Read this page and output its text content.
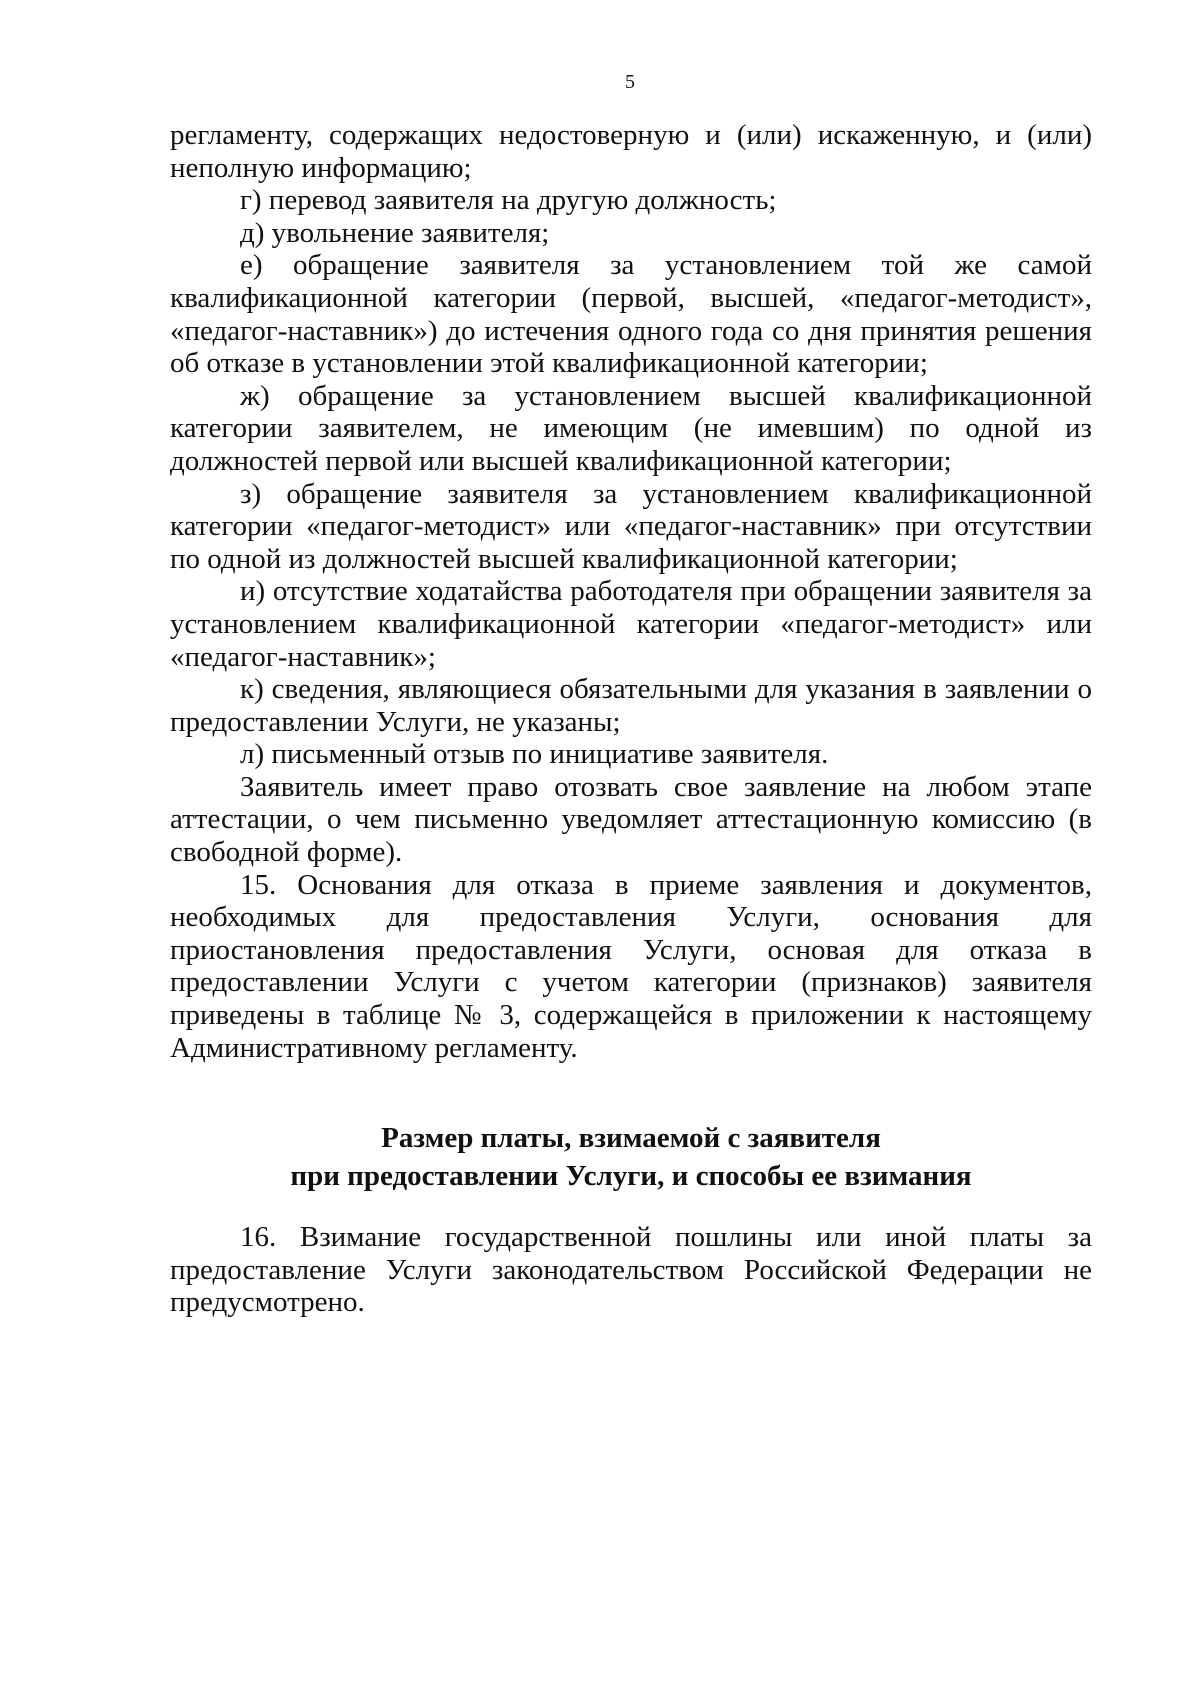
5

регламенту, содержащих недостоверную и (или) искаженную, и (или) неполную информацию;

г) перевод заявителя на другую должность;

д) увольнение заявителя;

е) обращение заявителя за установлением той же самой квалификационной категории (первой, высшей, «педагог-методист», «педагог-наставник») до истечения одного года со дня принятия решения об отказе в установлении этой квалификационной категории;

ж) обращение за установлением высшей квалификационной категории заявителем, не имеющим (не имевшим) по одной из должностей первой или высшей квалификационной категории;

з) обращение заявителя за установлением квалификационной категории «педагог-методист» или «педагог-наставник» при отсутствии по одной из должностей высшей квалификационной категории;

и) отсутствие ходатайства работодателя при обращении заявителя за установлением квалификационной категории «педагог-методист» или «педагог-наставник»;

к) сведения, являющиеся обязательными для указания в заявлении о предоставлении Услуги, не указаны;

л) письменный отзыв по инициативе заявителя.

Заявитель имеет право отозвать свое заявление на любом этапе аттестации, о чем письменно уведомляет аттестационную комиссию (в свободной форме).

15. Основания для отказа в приеме заявления и документов, необходимых для предоставления Услуги, основания для приостановления предоставления Услуги, основая для отказа в предоставлении Услуги с учетом категории (признаков) заявителя приведены в таблице № 3, содержащейся в приложении к настоящему Административному регламенту.

Размер платы, взимаемой с заявителя
при предоставлении Услуги, и способы ее взимания

16. Взимание государственной пошлины или иной платы за предоставление Услуги законодательством Российской Федерации не предусмотрено.
